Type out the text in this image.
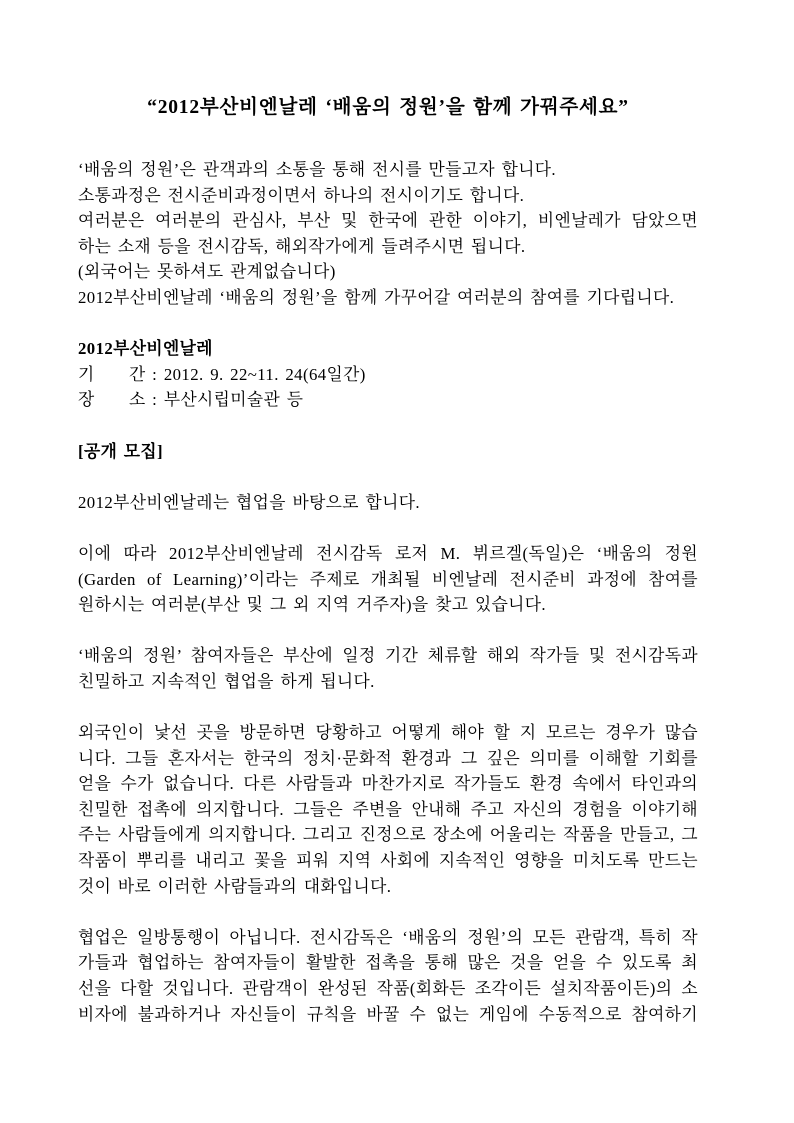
“2012부산비엔날레 ‘배움의 정원’을 함께 가꿔주세요”
‘배움의 정원’은 관객과의 소통을 통해 전시를 만들고자 합니다.
소통과정은 전시준비과정이면서 하나의 전시이기도 합니다.
여러분은 여러분의 관심사, 부산 및 한국에 관한 이야기, 비엔날레가 담았으면
하는 소재 등을 전시감독, 해외작가에게 들려주시면 됩니다.
(외국어는 못하셔도 관계없습니다)
2012부산비엔날레 ‘배움의 정원’을 함께 가꾸어갈 여러분의 참여를 기다립니다.
2012부산비엔날레
기　　간 : 2012. 9. 22~11. 24(64일간)
장　　소 : 부산시립미술관 등
[공개 모집]
2012부산비엔날레는 협업을 바탕으로 합니다.
이에 따라 2012부산비엔날레 전시감독 로저 M. 뷔르겔(독일)은 ‘배움의 정원
(Garden of Learning)’이라는 주제로 개최될 비엔날레 전시준비 과정에 참여를
원하시는 여러분(부산 및 그 외 지역 거주자)을 찾고 있습니다.
‘배움의 정원’ 참여자들은 부산에 일정 기간 체류할 해외 작가들 및 전시감독과
친밀하고 지속적인 협업을 하게 됩니다.
외국인이 낯선 곳을 방문하면 당황하고 어떻게 해야 할 지 모르는 경우가 많습
니다. 그들 혼자서는 한국의 정치·문화적 환경과 그 깊은 의미를 이해할 기회를
얻을 수가 없습니다. 다른 사람들과 마찬가지로 작가들도 환경 속에서 타인과의
친밀한 접촉에 의지합니다. 그들은 주변을 안내해 주고 자신의 경험을 이야기해
주는 사람들에게 의지합니다. 그리고 진정으로 장소에 어울리는 작품을 만들고, 그
작품이 뿌리를 내리고 꽃을 피워 지역 사회에 지속적인 영향을 미치도록 만드는
것이 바로 이러한 사람들과의 대화입니다.
협업은 일방통행이 아닙니다. 전시감독은 ‘배움의 정원’의 모든 관람객, 특히 작
가들과 협업하는 참여자들이 활발한 접촉을 통해 많은 것을 얻을 수 있도록 최
선을 다할 것입니다. 관람객이 완성된 작품(회화든 조각이든 설치작품이든)의 소
비자에 불과하거나 자신들이 규칙을 바꿀 수 없는 게임에 수동적으로 참여하기
